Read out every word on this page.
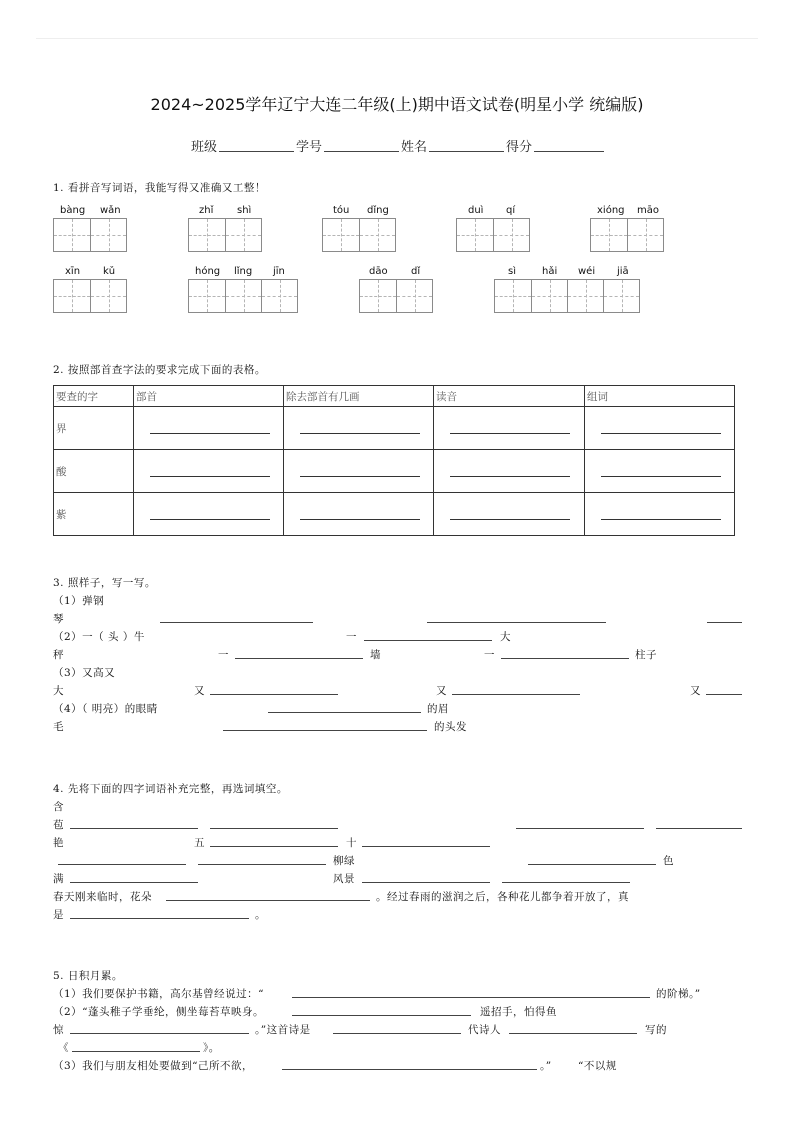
2024~2025学年辽宁大连二年级(上)期中语文试卷(明星小学 统编版)
班级	学号	姓名	得分
1. 看拼音写词语，我能写得又准确又工整！
bàng wǎn	zhǐ shì	tóu dǐng	duì qí	xióng māo
xīn kǔ	hóng lǐng jīn	dāo dǐ	sì	hǎi wéi jiā
2. 按照部首查字法的要求完成下面的表格。
要查的字	部首	除去部首有几画	读音	组词
界	

酸	

紫	

3. 照样子，写一写。
（1）弹钢
琴
（2）一（ 头 ）牛	一	大
秤	一	墙	一	柱子
（3）又高又
大	又	又	又
（4）（ 明亮）的眼睛	的眉
毛	的头发
4. 先将下面的四字词语补充完整，再选词填空。
含
苞
艳	五	十
柳绿	色
满	风景
春天刚来临时，花朵	。经过春雨的滋润之后，各种花儿都争着开放了，真
是	。
5. 日积月累。
（1）我们要保护书籍，高尔基曾经说过：“	的阶梯。”
（2）“蓬头稚子学垂纶，侧坐莓苔草映身。	遥招手，怕得鱼
惊	。”这首诗是	代诗人	写的
《	》。
（3）我们与朋友相处要做到“己所不欲，	。”	“不以规
